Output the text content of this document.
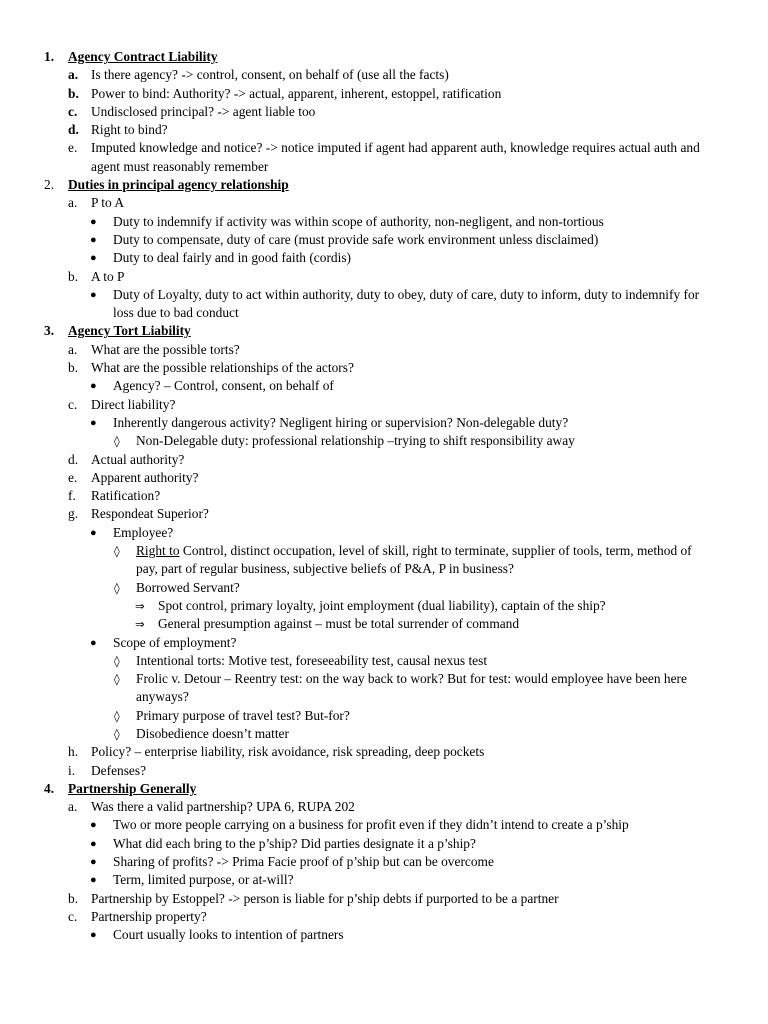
1. Agency Contract Liability
a. Is there agency? -> control, consent, on behalf of (use all the facts)
b. Power to bind: Authority? -> actual, apparent, inherent, estoppel, ratification
c. Undisclosed principal? -> agent liable too
d. Right to bind?
e. Imputed knowledge and notice? -> notice imputed if agent had apparent auth, knowledge requires actual auth and agent must reasonably remember
2. Duties in principal agency relationship
a. P to A
● Duty to indemnify if activity was within scope of authority, non-negligent, and non-tortious
● Duty to compensate, duty of care (must provide safe work environment unless disclaimed)
● Duty to deal fairly and in good faith (cordis)
b. A to P
● Duty of Loyalty, duty to act within authority, duty to obey, duty of care, duty to inform, duty to indemnify for loss due to bad conduct
3. Agency Tort Liability
a. What are the possible torts?
b. What are the possible relationships of the actors?
● Agency? – Control, consent, on behalf of
c. Direct liability?
● Inherently dangerous activity? Negligent hiring or supervision? Non-delegable duty?
◊ Non-Delegable duty: professional relationship –trying to shift responsibility away
d. Actual authority?
e. Apparent authority?
f. Ratification?
g. Respondeat Superior?
● Employee?
◊ Right to Control, distinct occupation, level of skill, right to terminate, supplier of tools, term, method of pay, part of regular business, subjective beliefs of P&A, P in business?
◊ Borrowed Servant?
⇒ Spot control, primary loyalty, joint employment (dual liability), captain of the ship?
⇒ General presumption against – must be total surrender of command
● Scope of employment?
◊ Intentional torts: Motive test, foreseeability test, causal nexus test
◊ Frolic v. Detour – Reentry test: on the way back to work? But for test: would employee have been here anyways?
◊ Primary purpose of travel test? But-for?
◊ Disobedience doesn’t matter
h. Policy? – enterprise liability, risk avoidance, risk spreading, deep pockets
i. Defenses?
4. Partnership Generally
a. Was there a valid partnership? UPA 6, RUPA 202
● Two or more people carrying on a business for profit even if they didn’t intend to create a p’ship
● What did each bring to the p’ship? Did parties designate it a p’ship?
● Sharing of profits? -> Prima Facie proof of p’ship but can be overcome
● Term, limited purpose, or at-will?
b. Partnership by Estoppel? -> person is liable for p’ship debts if purported to be a partner
c. Partnership property?
● Court usually looks to intention of partners
